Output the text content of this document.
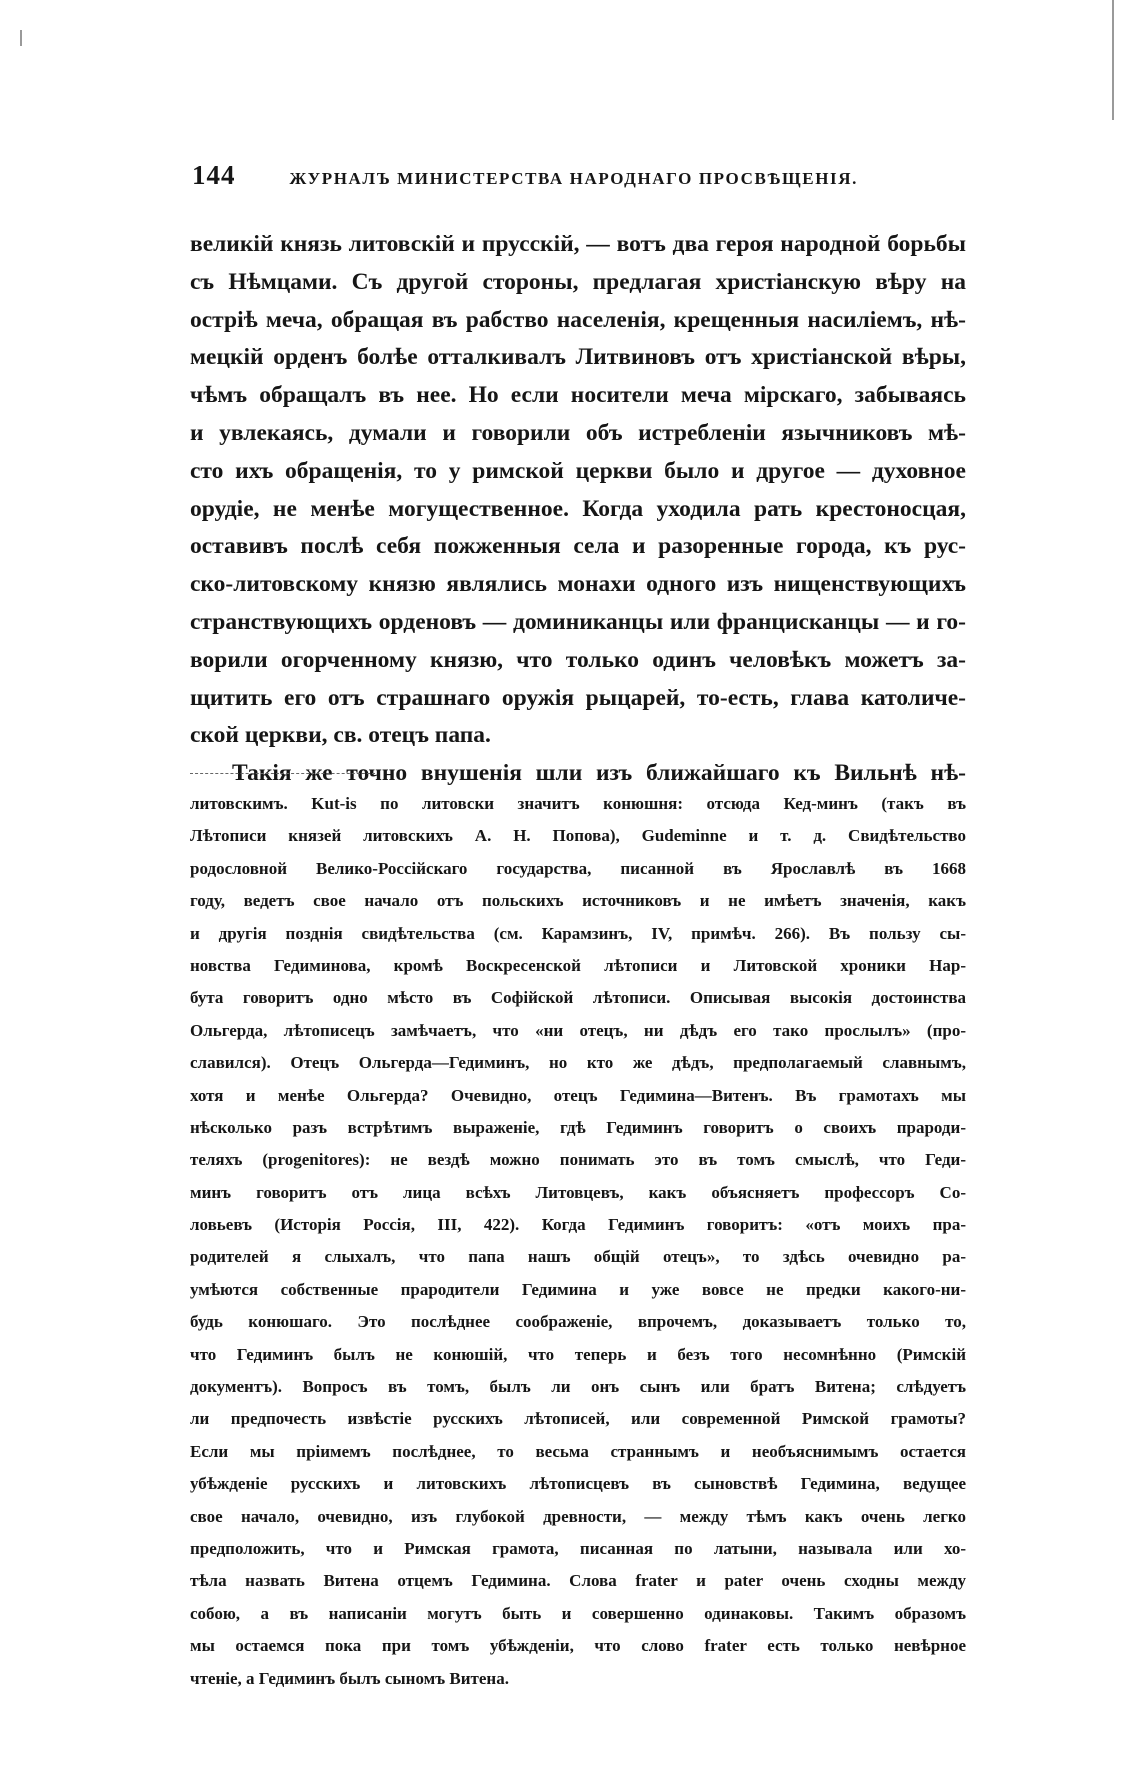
144	ЖУРНАЛЪ МИНИСТЕРСТВА НАРОДНАГО ПРОСВѢЩЕНІЯ.
великій князь литовскій и прусскій, — вотъ два героя народной борьбы
съ Нѣмцами. Съ другой стороны, предлагая христіанскую вѣру на
остріѣ меча, обращая въ рабство населенія, крещенныя насиліемъ, нѣ-
мецкій орденъ болѣе отталкивалъ Литвиновъ отъ христіанской вѣры,
чѣмъ обращалъ въ нее. Но если носители меча мірскаго, забываясь
и увлекаясь, думали и говорили объ истребленіи язычниковъ мѣ-
сто ихъ обращенія, то у римской церкви было и другое — духовное
орудіе, не менѣе могущественное. Когда уходила рать крестоносцая,
оставивъ послѣ себя пожженныя села и разоренные города, къ рус-
ско-литовскому князю являлись монахи одного изъ нищенствующихъ
странствующихъ орденовъ — доминиканцы или францисканцы — и го-
ворили огорченному князю, что только одинъ человѣкъ можетъ за-
щитить его отъ страшнаго оружія рыцарей, то-есть, глава католиче-
ской церкви, св. отецъ папа.
Такія же точно внушенія шли изъ ближайшаго къ Вильнѣ нѣ-
литовскимъ. Kut-is по литовски значитъ конюшня: отсюда Кед-минъ (такъ въ
Лѣтописи князей литовскихъ А. Н. Попова), Gudeminne и т. д. Свидѣтельство
родословной Велико-Россійскаго государства, писанной въ Ярославлѣ въ 1668
году, ведетъ свое начало отъ польскихъ источниковъ и не имѣетъ значенія, какъ
и другія позднія свидѣтельства (см. Карамзинъ, IV, примѣч. 266). Въ пользу сы-
новства Гедиминова, кромѣ Воскресенской лѣтописи и Литовской хроники Нар-
бута говоритъ одно мѣсто въ Софійской лѣтописи. Описывая высокія достоинства
Ольгерда, лѣтописецъ замѣчаетъ, что «ни отецъ, ни дѣдъ его тако прослылъ» (про-
славился). Отецъ Ольгерда—Гедиминъ, но кто же дѣдъ, предполагаемый славнымъ,
хотя и менѣе Ольгерда? Очевидно, отецъ Гедимина—Витенъ. Въ грамотахъ мы
нѣсколько разъ встрѣтимъ выраженіе, гдѣ Гедиминъ говоритъ о своихъ прароди-
теляхъ (progenitores): не вездѣ можно понимать это въ томъ смыслѣ, что Геди-
минъ говоритъ отъ лица всѣхъ Литовцевъ, какъ объясняетъ профессоръ Со-
ловьевъ (Исторія Россія, III, 422). Когда Гедиминъ говоритъ: «отъ моихъ пра-
родителей я слыхалъ, что папа нашъ общій отецъ», то здѣсь очевидно ра-
умѣются собственные прародители Гедимина и уже вовсе не предки какого-ни-
будь конюшаго. Это послѣднее соображеніе, впрочемъ, доказываетъ только то,
что Гедиминъ былъ не конюшій, что теперь и безъ того несомнѣнно (Римскій
документъ). Вопросъ въ томъ, былъ ли онъ сынъ или братъ Витена; слѣдуетъ
ли предпочесть извѣстіе русскихъ лѣтописей, или современной Римской грамоты?
Если мы пріимемъ послѣднее, то весьма страннымъ и необъяснимымъ остается
убѣжденіе русскихъ и литовскихъ лѣтописцевъ въ сыновствѣ Гедимина, ведущее
свое начало, очевидно, изъ глубокой древности, — между тѣмъ какъ очень легко
предположить, что и Римская грамота, писанная по латыни, называла или хо-
тѣла назвать Витена отцемъ Гедимина. Слова frater и pater очень сходны между
собою, а въ написаніи могутъ быть и совершенно одинаковы. Такимъ образомъ
мы остаемся пока при томъ убѣжденіи, что слово frater есть только невѣрное
чтеніе, а Гедиминъ былъ сыномъ Витена.
